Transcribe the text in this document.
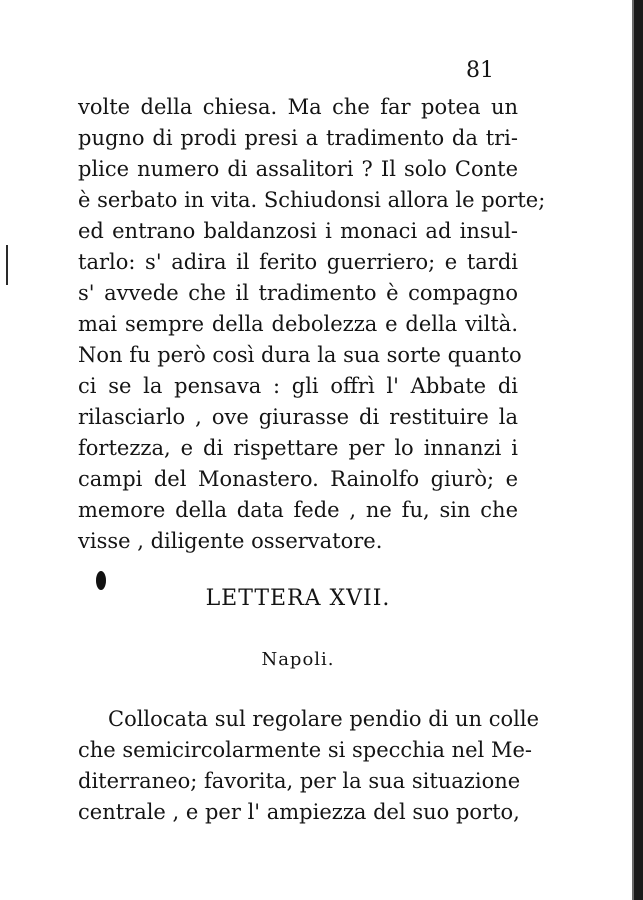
81

volte della chiesa. Ma che far potea un
pugno di prodi presi a tradimento da tri-
plice numero di assalitori ? Il solo Conte
è serbato in vita. Schiudonsi allora le porte;
ed entrano baldanzosi i monaci ad insul-
tarlo: s' adira il ferito guerriero; e tardi
s' avvede che il tradimento è compagno
mai sempre della debolezza e della viltà.
Non fu però così dura la sua sorte quanto
ci se la pensava : gli offrì l' Abbate di
rilasciarlo , ove giurasse di restituire la
fortezza, e di rispettare per lo innanzi i
campi del Monastero. Rainolfo giurò; e
memore della data fede , ne fu, sin che
visse , diligente osservatore.

LETTERA XVII.
Napoli.

Collocata sul regolare pendio di un colle
che semicircolarmente si specchia nel Me-
diterraneo; favorita, per la sua situazione
centrale , e per l' ampiezza del suo porto,
